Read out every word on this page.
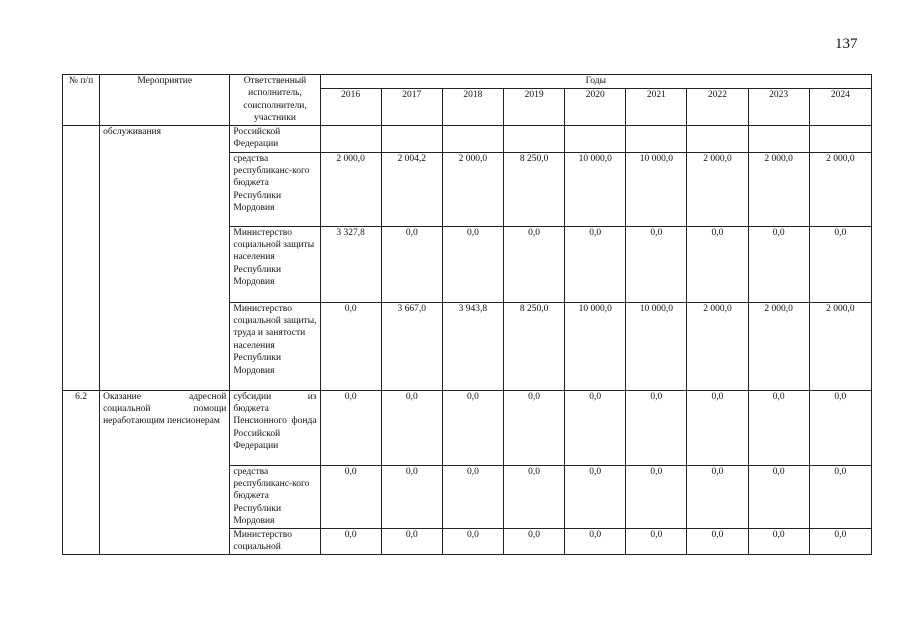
137
№ п/п	Мероприятие	Ответственный исполнитель, соисполнители, участники	Годы								
			2016	2017	2018	2019	2020	2021	2022	2023	2024
	обслуживания	Российской Федерации									
		средства республиканс-кого бюджета Республики Мордовия	2 000,0	2 004,2	2 000,0	8 250,0	10 000,0	10 000,0	2 000,0	2 000,0	2 000,0
		Министерство социальной защиты населения Республики Мордовия	3 327,8	0,0	0,0	0,0	0,0	0,0	0,0	0,0	0,0
		Министерство социальной защиты, труда и занятости населения Республики Мордовия	0,0	3 667,0	3 943,8	8 250,0	10 000,0	10 000,0	2 000,0	2 000,0	2 000,0
6.2	Оказание адресной социальной помощи неработающим пенсионерам	субсидии из бюджета Пенсионного фонда Российской Федерации	0,0	0,0	0,0	0,0	0,0	0,0	0,0	0,0	0,0
		средства республиканс-кого бюджета Республики Мордовия	0,0	0,0	0,0	0,0	0,0	0,0	0,0	0,0	0,0
		Министерство социальной	0,0	0,0	0,0	0,0	0,0	0,0	0,0	0,0	0,0
